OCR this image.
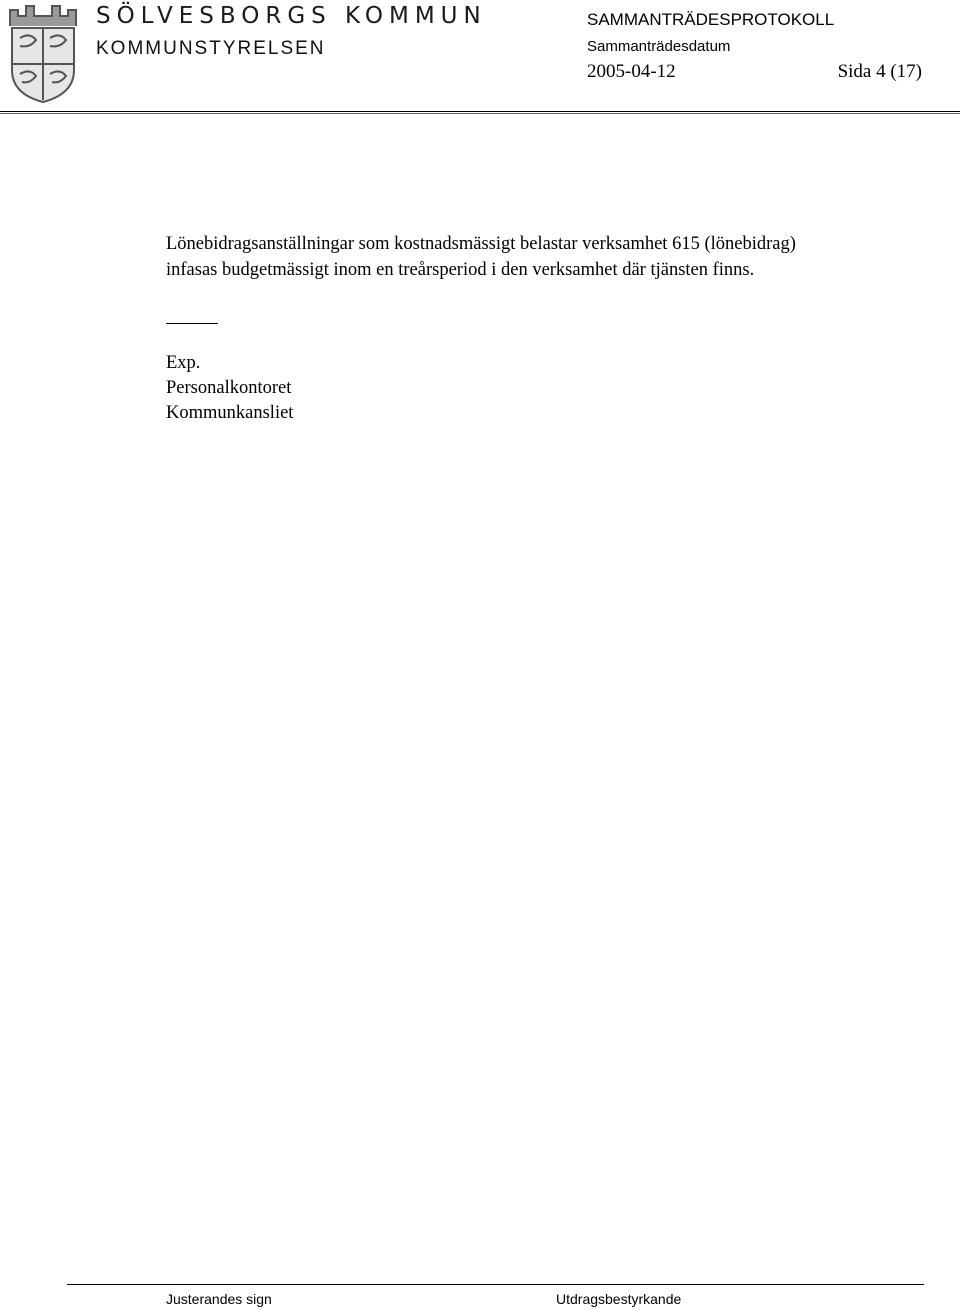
SÖLVESBORGS KOMMUN
KOMMUNSTYRELSEN
SAMMANTRÄDESPROTOKOLL
Sammanträdesdatum
2005-04-12	Sida 4 (17)
Lönebidragsanställningar som kostnadsmässigt belastar verksamhet 615 (lönebidrag)
infasas budgetmässigt inom en treårsperiod i den verksamhet där tjänsten finns.
Exp.
Personalkontoret
Kommunkansliet
Justerandes sign	Utdragsbestyrkande
